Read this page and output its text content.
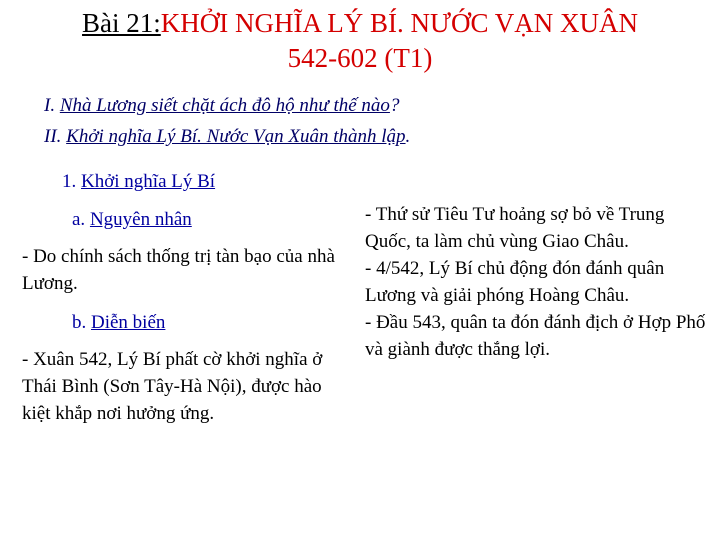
Bài 21:KHỞI NGHĨA LÝ BÍ. NƯỚC VẠN XUÂN
542-602 (T1)
I. Nhà Lương siết chặt ách đô hộ như thế nào?
II. Khởi nghĩa Lý Bí. Nước Vạn Xuân thành lập.
1. Khởi nghĩa Lý Bí
a. Nguyên nhân
- Do chính sách thống trị tàn bạo của nhà Lương.
b. Diễn biến
- Xuân 542, Lý Bí phất cờ khởi nghĩa ở Thái Bình (Sơn Tây-Hà Nội), được hào kiệt khắp nơi hưởng ứng.
- Thứ sử Tiêu Tư hoảng sợ bỏ về Trung Quốc, ta làm chủ vùng Giao Châu.
- 4/542, Lý Bí chủ động đón đánh quân Lương và giải phóng Hoàng Châu.
- Đầu 543, quân ta đón đánh địch ở Hợp Phố và giành được thắng lợi.
